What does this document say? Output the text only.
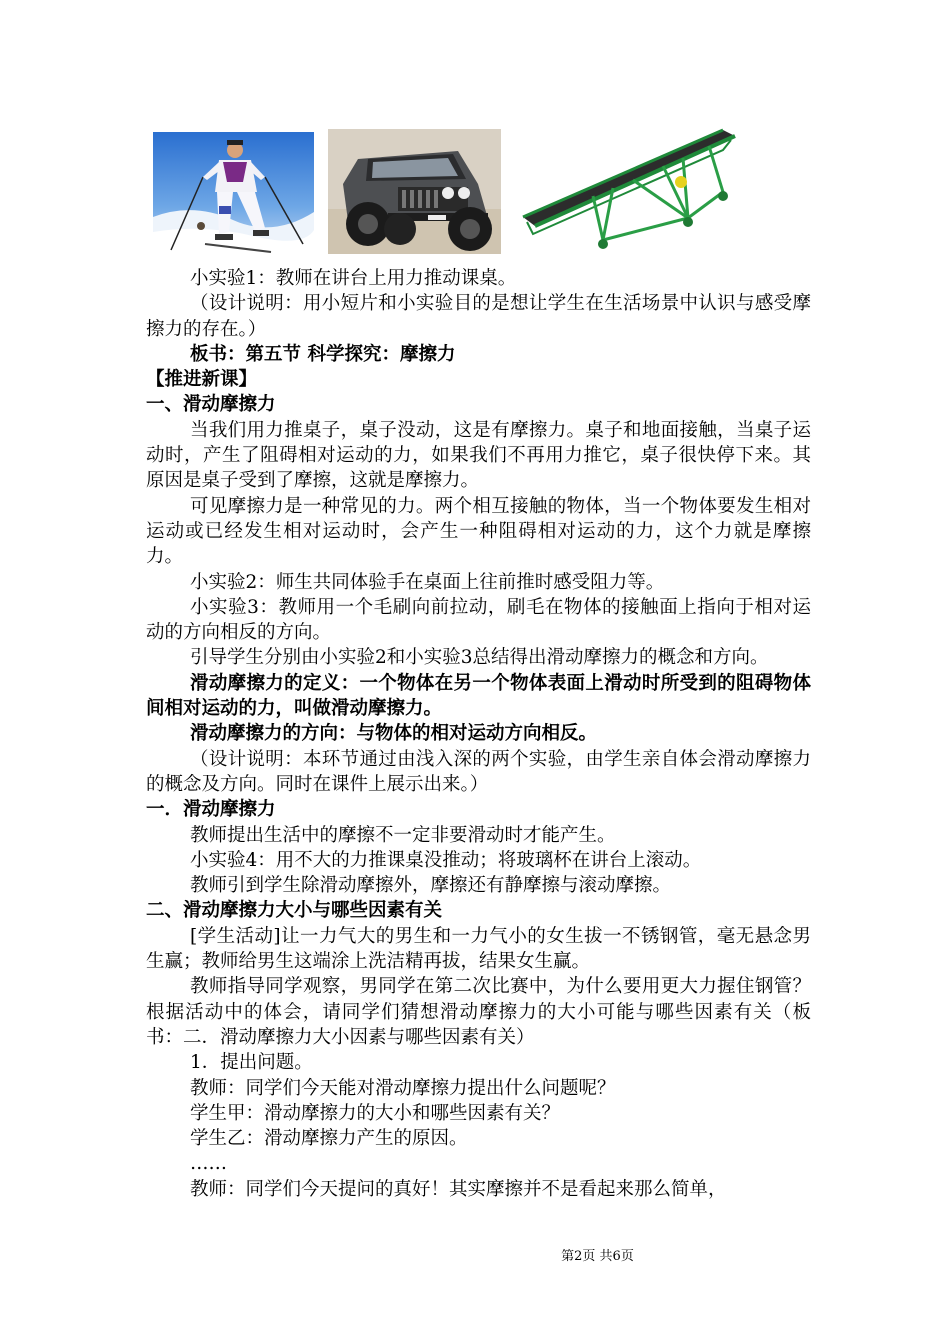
小实验1：教师在讲台上用力推动课桌。

（设计说明：用小短片和小实验目的是想让学生在生活场景中认识与感受摩擦力的存在。）

板书：第五节 科学探究：摩擦力

【推进新课】

一、滑动摩擦力

当我们用力推桌子，桌子没动，这是有摩擦力。桌子和地面接触，当桌子运动时，产生了阻碍相对运动的力，如果我们不再用力推它，桌子很快停下来。其原因是桌子受到了摩擦，这就是摩擦力。

可见摩擦力是一种常见的力。两个相互接触的物体，当一个物体要发生相对运动或已经发生相对运动时，会产生一种阻碍相对运动的力，这个力就是摩擦力。

小实验2：师生共同体验手在桌面上往前推时感受阻力等。

小实验3：教师用一个毛刷向前拉动，刷毛在物体的接触面上指向于相对运动的方向相反的方向。

引导学生分别由小实验2和小实验3总结得出滑动摩擦力的概念和方向。

滑动摩擦力的定义：一个物体在另一个物体表面上滑动时所受到的阻碍物体间相对运动的力，叫做滑动摩擦力。

滑动摩擦力的方向：与物体的相对运动方向相反。

（设计说明：本环节通过由浅入深的两个实验，由学生亲自体会滑动摩擦力的概念及方向。同时在课件上展示出来。）

一．滑动摩擦力

教师提出生活中的摩擦不一定非要滑动时才能产生。

小实验4：用不大的力推课桌没推动；将玻璃杯在讲台上滚动。

教师引到学生除滑动摩擦外，摩擦还有静摩擦与滚动摩擦。

二、滑动摩擦力大小与哪些因素有关

[学生活动]让一力气大的男生和一力气小的女生拔一不锈钢管，毫无悬念男生赢；教师给男生这端涂上洗洁精再拔，结果女生赢。

教师指导同学观察，男同学在第二次比赛中，为什么要用更大力握住钢管？根据活动中的体会，请同学们猜想滑动摩擦力的大小可能与哪些因素有关（板书：二．滑动摩擦力大小因素与哪些因素有关）

1．提出问题。

教师：同学们今天能对滑动摩擦力提出什么问题呢？

学生甲：滑动摩擦力的大小和哪些因素有关？

学生乙：滑动摩擦力产生的原因。

……

教师：同学们今天提问的真好！其实摩擦并不是看起来那么简单，

第2页 共6页
